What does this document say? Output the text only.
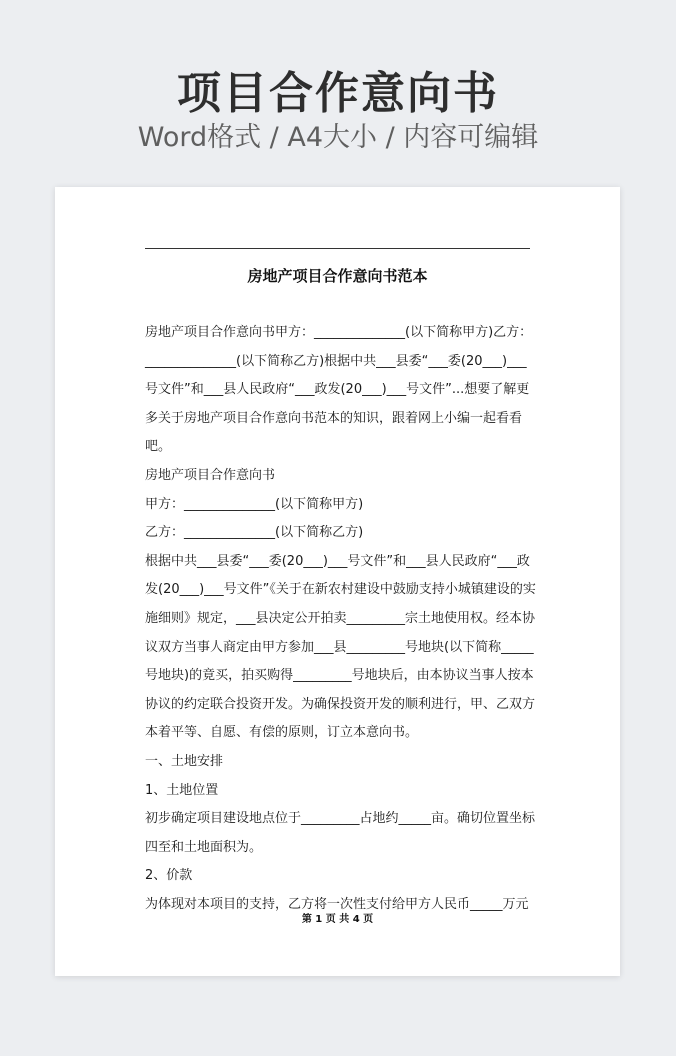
项目合作意向书
Word格式 / A4大小 / 内容可编辑
房地产项目合作意向书范本

房地产项目合作意向书甲方：______________(以下简称甲方)乙方：______________(以下简称乙方)根据中共___县委“___委(20___)___号文件”和___县人民政府“___政发(20___)___号文件”...想要了解更多关于房地产项目合作意向书范本的知识，跟着网上小编一起看看吧。

房地产项目合作意向书

甲方：______________(以下简称甲方)

乙方：______________(以下简称乙方)

根据中共___县委“___委(20___)___号文件”和___县人民政府“___政发(20___)___号文件”《关于在新农村建设中鼓励支持小城镇建设的实施细则》规定，___县决定公开拍卖_________宗土地使用权。经本协议双方当事人商定由甲方参加___县_________号地块(以下简称_____号地块)的竟买，拍买购得_________号地块后，由本协议当事人按本协议的约定联合投资开发。为确保投资开发的顺利进行，甲、乙双方本着平等、自愿、有偿的原则，订立本意向书。

一、土地安排

1、土地位置

初步确定项目建设地点位于_________占地约_____亩。确切位置坐标四至和土地面积为。

2、价款

为体现对本项目的支持，乙方将一次性支付给甲方人民币_____万元

第 1 页 共 4 页
